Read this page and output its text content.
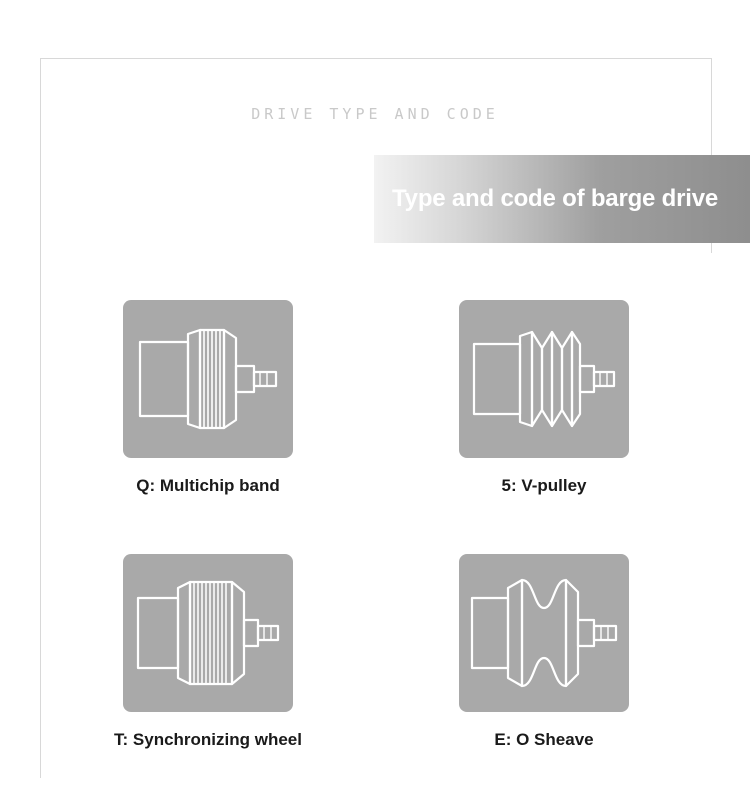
DRIVE TYPE AND CODE
Type and code of barge drive
Q: Multichip band	5: V-pulley
T: Synchronizing wheel	E: O Sheave
